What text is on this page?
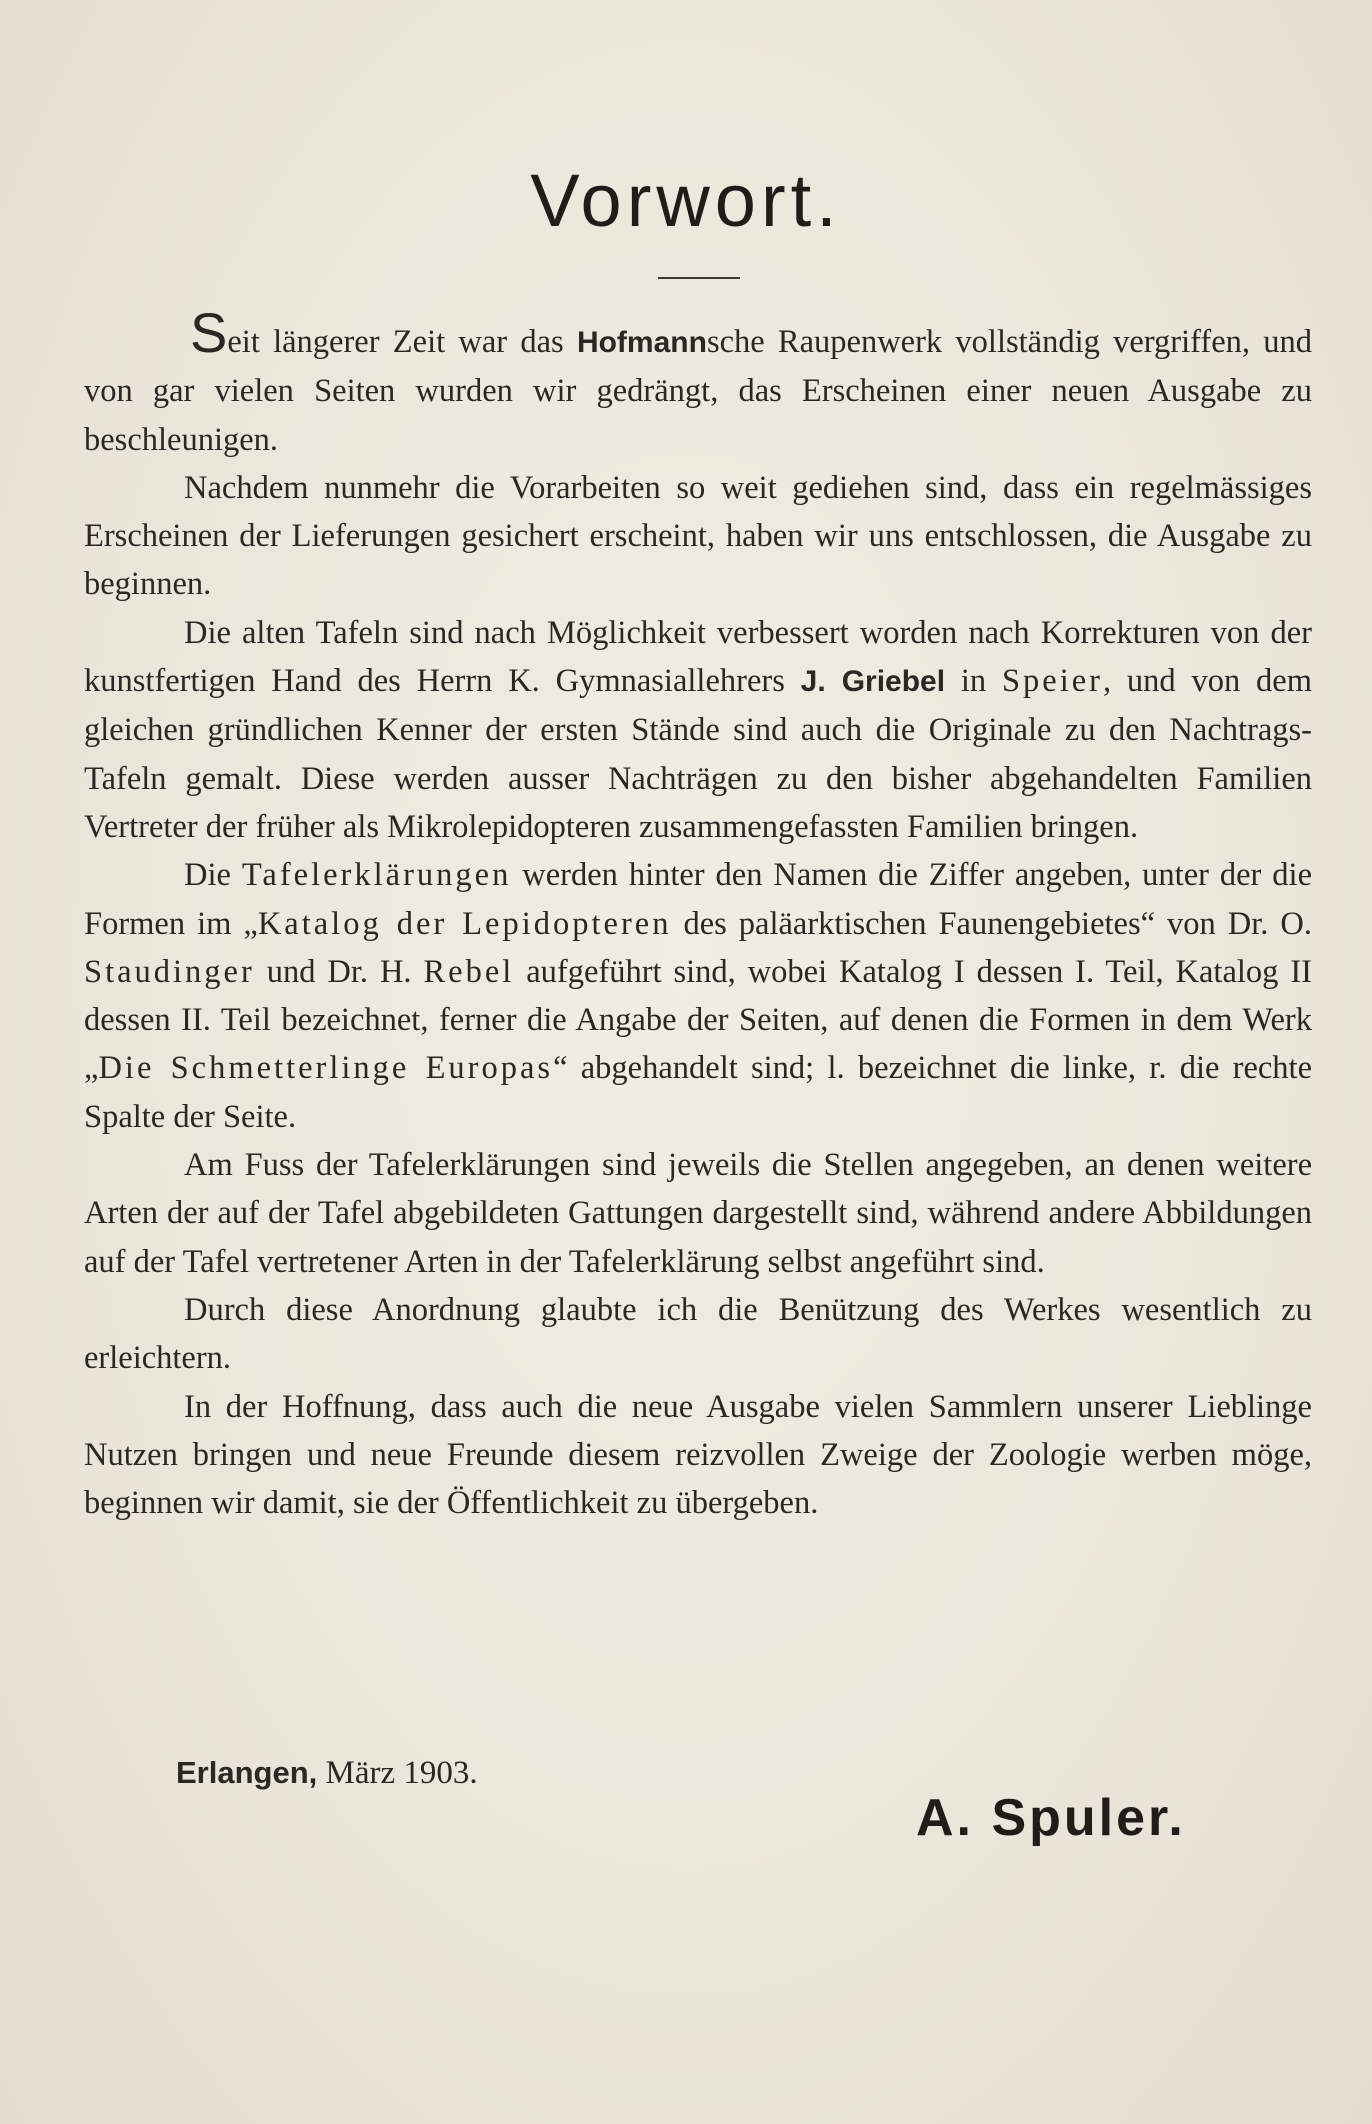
Vorwort.

Seit längerer Zeit war das Hofmannsche Raupenwerk vollständig vergriffen, und von gar vielen Seiten wurden wir gedrängt, das Erscheinen einer neuen Ausgabe zu beschleunigen.

Nachdem nunmehr die Vorarbeiten so weit gediehen sind, dass ein regelmässiges Erscheinen der Lieferungen gesichert erscheint, haben wir uns entschlossen, die Ausgabe zu beginnen.

Die alten Tafeln sind nach Möglichkeit verbessert worden nach Korrekturen von der kunstfertigen Hand des Herrn K. Gymnasiallehrers J. Griebel in Speier, und von dem gleichen gründlichen Kenner der ersten Stände sind auch die Originale zu den Nachtrags-Tafeln gemalt. Diese werden ausser Nachträgen zu den bisher abgehandelten Familien Vertreter der früher als Mikrolepidopteren zusammengefassten Familien bringen.

Die Tafelerklärungen werden hinter den Namen die Ziffer angeben, unter der die Formen im „Katalog der Lepidopteren des paläarktischen Faunengebietes“ von Dr. O. Staudinger und Dr. H. Rebel aufgeführt sind, wobei Katalog I dessen I. Teil, Katalog II dessen II. Teil bezeichnet, ferner die Angabe der Seiten, auf denen die Formen in dem Werk „Die Schmetterlinge Europas“ abgehandelt sind; l. bezeichnet die linke, r. die rechte Spalte der Seite.

Am Fuss der Tafelerklärungen sind jeweils die Stellen angegeben, an denen weitere Arten der auf der Tafel abgebildeten Gattungen dargestellt sind, während andere Abbildungen auf der Tafel vertretener Arten in der Tafelerklärung selbst angeführt sind.

Durch diese Anordnung glaubte ich die Benützung des Werkes wesentlich zu erleichtern.

In der Hoffnung, dass auch die neue Ausgabe vielen Sammlern unserer Lieblinge Nutzen bringen und neue Freunde diesem reizvollen Zweige der Zoologie werben möge, beginnen wir damit, sie der Öffentlichkeit zu übergeben.

Erlangen, März 1903.
A. Spuler.
